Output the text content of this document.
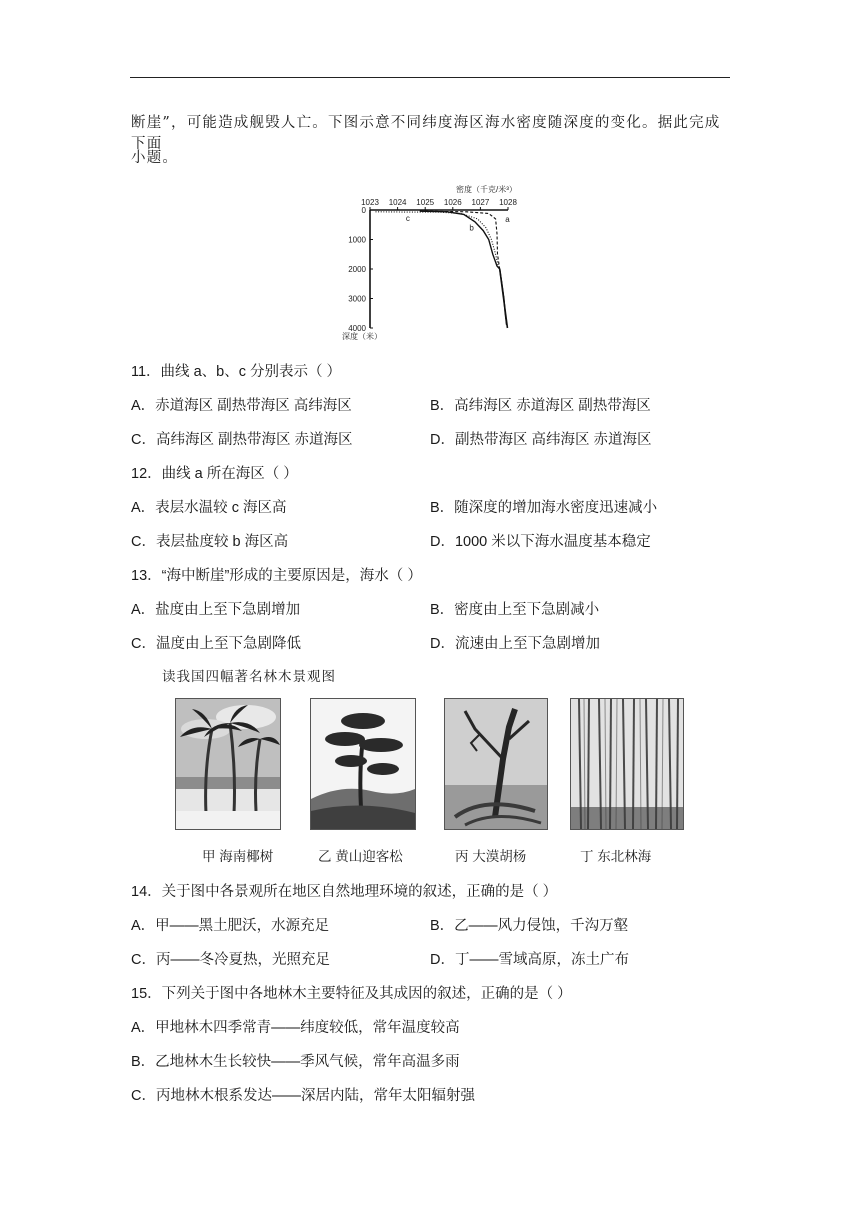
断崖”，可能造成舰毁人亡。下图示意不同纬度海区海水密度随深度的变化。据此完成下面
小题。
密度（千克/米³）
1023 1024 1025 1026 1027 1028
0
1000
2000
3000
4000
深度（米）
a
b
c
11．曲线 a、b、c 分别表示（ ）
A．赤道海区 副热带海区 高纬海区	B．高纬海区 赤道海区 副热带海区
C．高纬海区 副热带海区 赤道海区	D．副热带海区 高纬海区 赤道海区
12．曲线 a 所在海区（ ）
A．表层水温较 c 海区高	B．随深度的增加海水密度迅速减小
C．表层盐度较 b 海区高	D．1000 米以下海水温度基本稳定
13．“海中断崖”形成的主要原因是，海水（ ）
A．盐度由上至下急剧增加	B．密度由上至下急剧减小
C．温度由上至下急剧降低	D．流速由上至下急剧增加
读我国四幅著名林木景观图
甲 海南椰树	乙 黄山迎客松	丙 大漠胡杨	丁 东北林海
14．关于图中各景观所在地区自然地理环境的叙述，正确的是（ ）
A．甲——黑土肥沃，水源充足	B．乙——风力侵蚀，千沟万壑
C．丙——冬冷夏热，光照充足	D．丁——雪域高原，冻土广布
15．下列关于图中各地林木主要特征及其成因的叙述，正确的是（ ）
A．甲地林木四季常青——纬度较低，常年温度较高
B．乙地林木生长较快——季风气候，常年高温多雨
C．丙地林木根系发达——深居内陆，常年太阳辐射强
